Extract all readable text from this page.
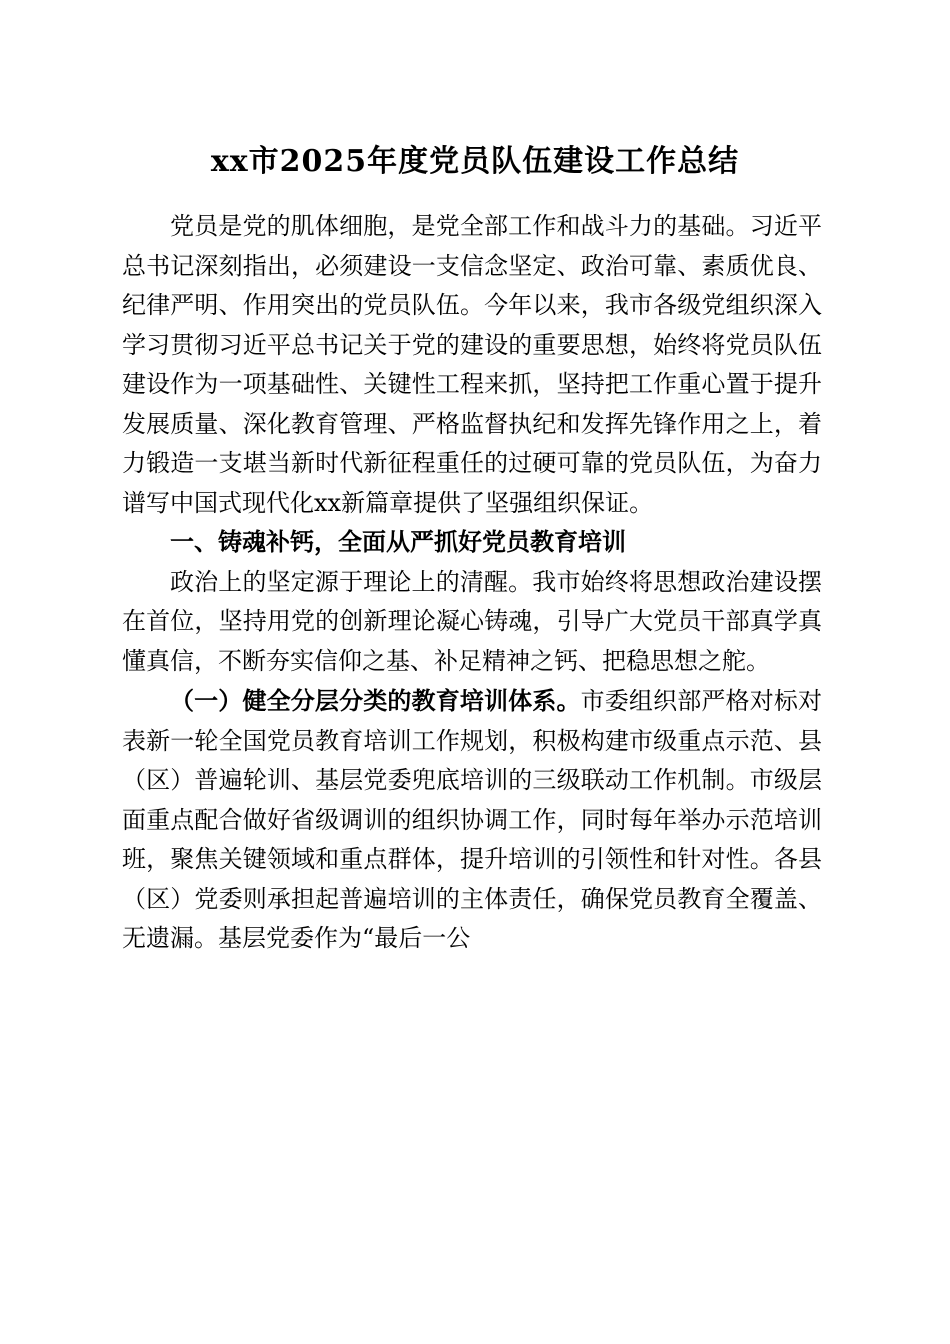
xx市2025年度党员队伍建设工作总结

党员是党的肌体细胞，是党全部工作和战斗力的基础。习近平总书记深刻指出，必须建设一支信念坚定、政治可靠、素质优良、纪律严明、作用突出的党员队伍。今年以来，我市各级党组织深入学习贯彻习近平总书记关于党的建设的重要思想，始终将党员队伍建设作为一项基础性、关键性工程来抓，坚持把工作重心置于提升发展质量、深化教育管理、严格监督执纪和发挥先锋作用之上，着力锻造一支堪当新时代新征程重任的过硬可靠的党员队伍，为奋力谱写中国式现代化xx新篇章提供了坚强组织保证。

一、铸魂补钙，全面从严抓好党员教育培训

政治上的坚定源于理论上的清醒。我市始终将思想政治建设摆在首位，坚持用党的创新理论凝心铸魂，引导广大党员干部真学真懂真信，不断夯实信仰之基、补足精神之钙、把稳思想之舵。

（一）健全分层分类的教育培训体系。市委组织部严格对标对表新一轮全国党员教育培训工作规划，积极构建市级重点示范、县（区）普遍轮训、基层党委兜底培训的三级联动工作机制。市级层面重点配合做好省级调训的组织协调工作，同时每年举办示范培训班，聚焦关键领域和重点群体，提升培训的引领性和针对性。各县（区）党委则承担起普遍培训的主体责任，确保党员教育全覆盖、无遗漏。基层党委作为“最后一公
